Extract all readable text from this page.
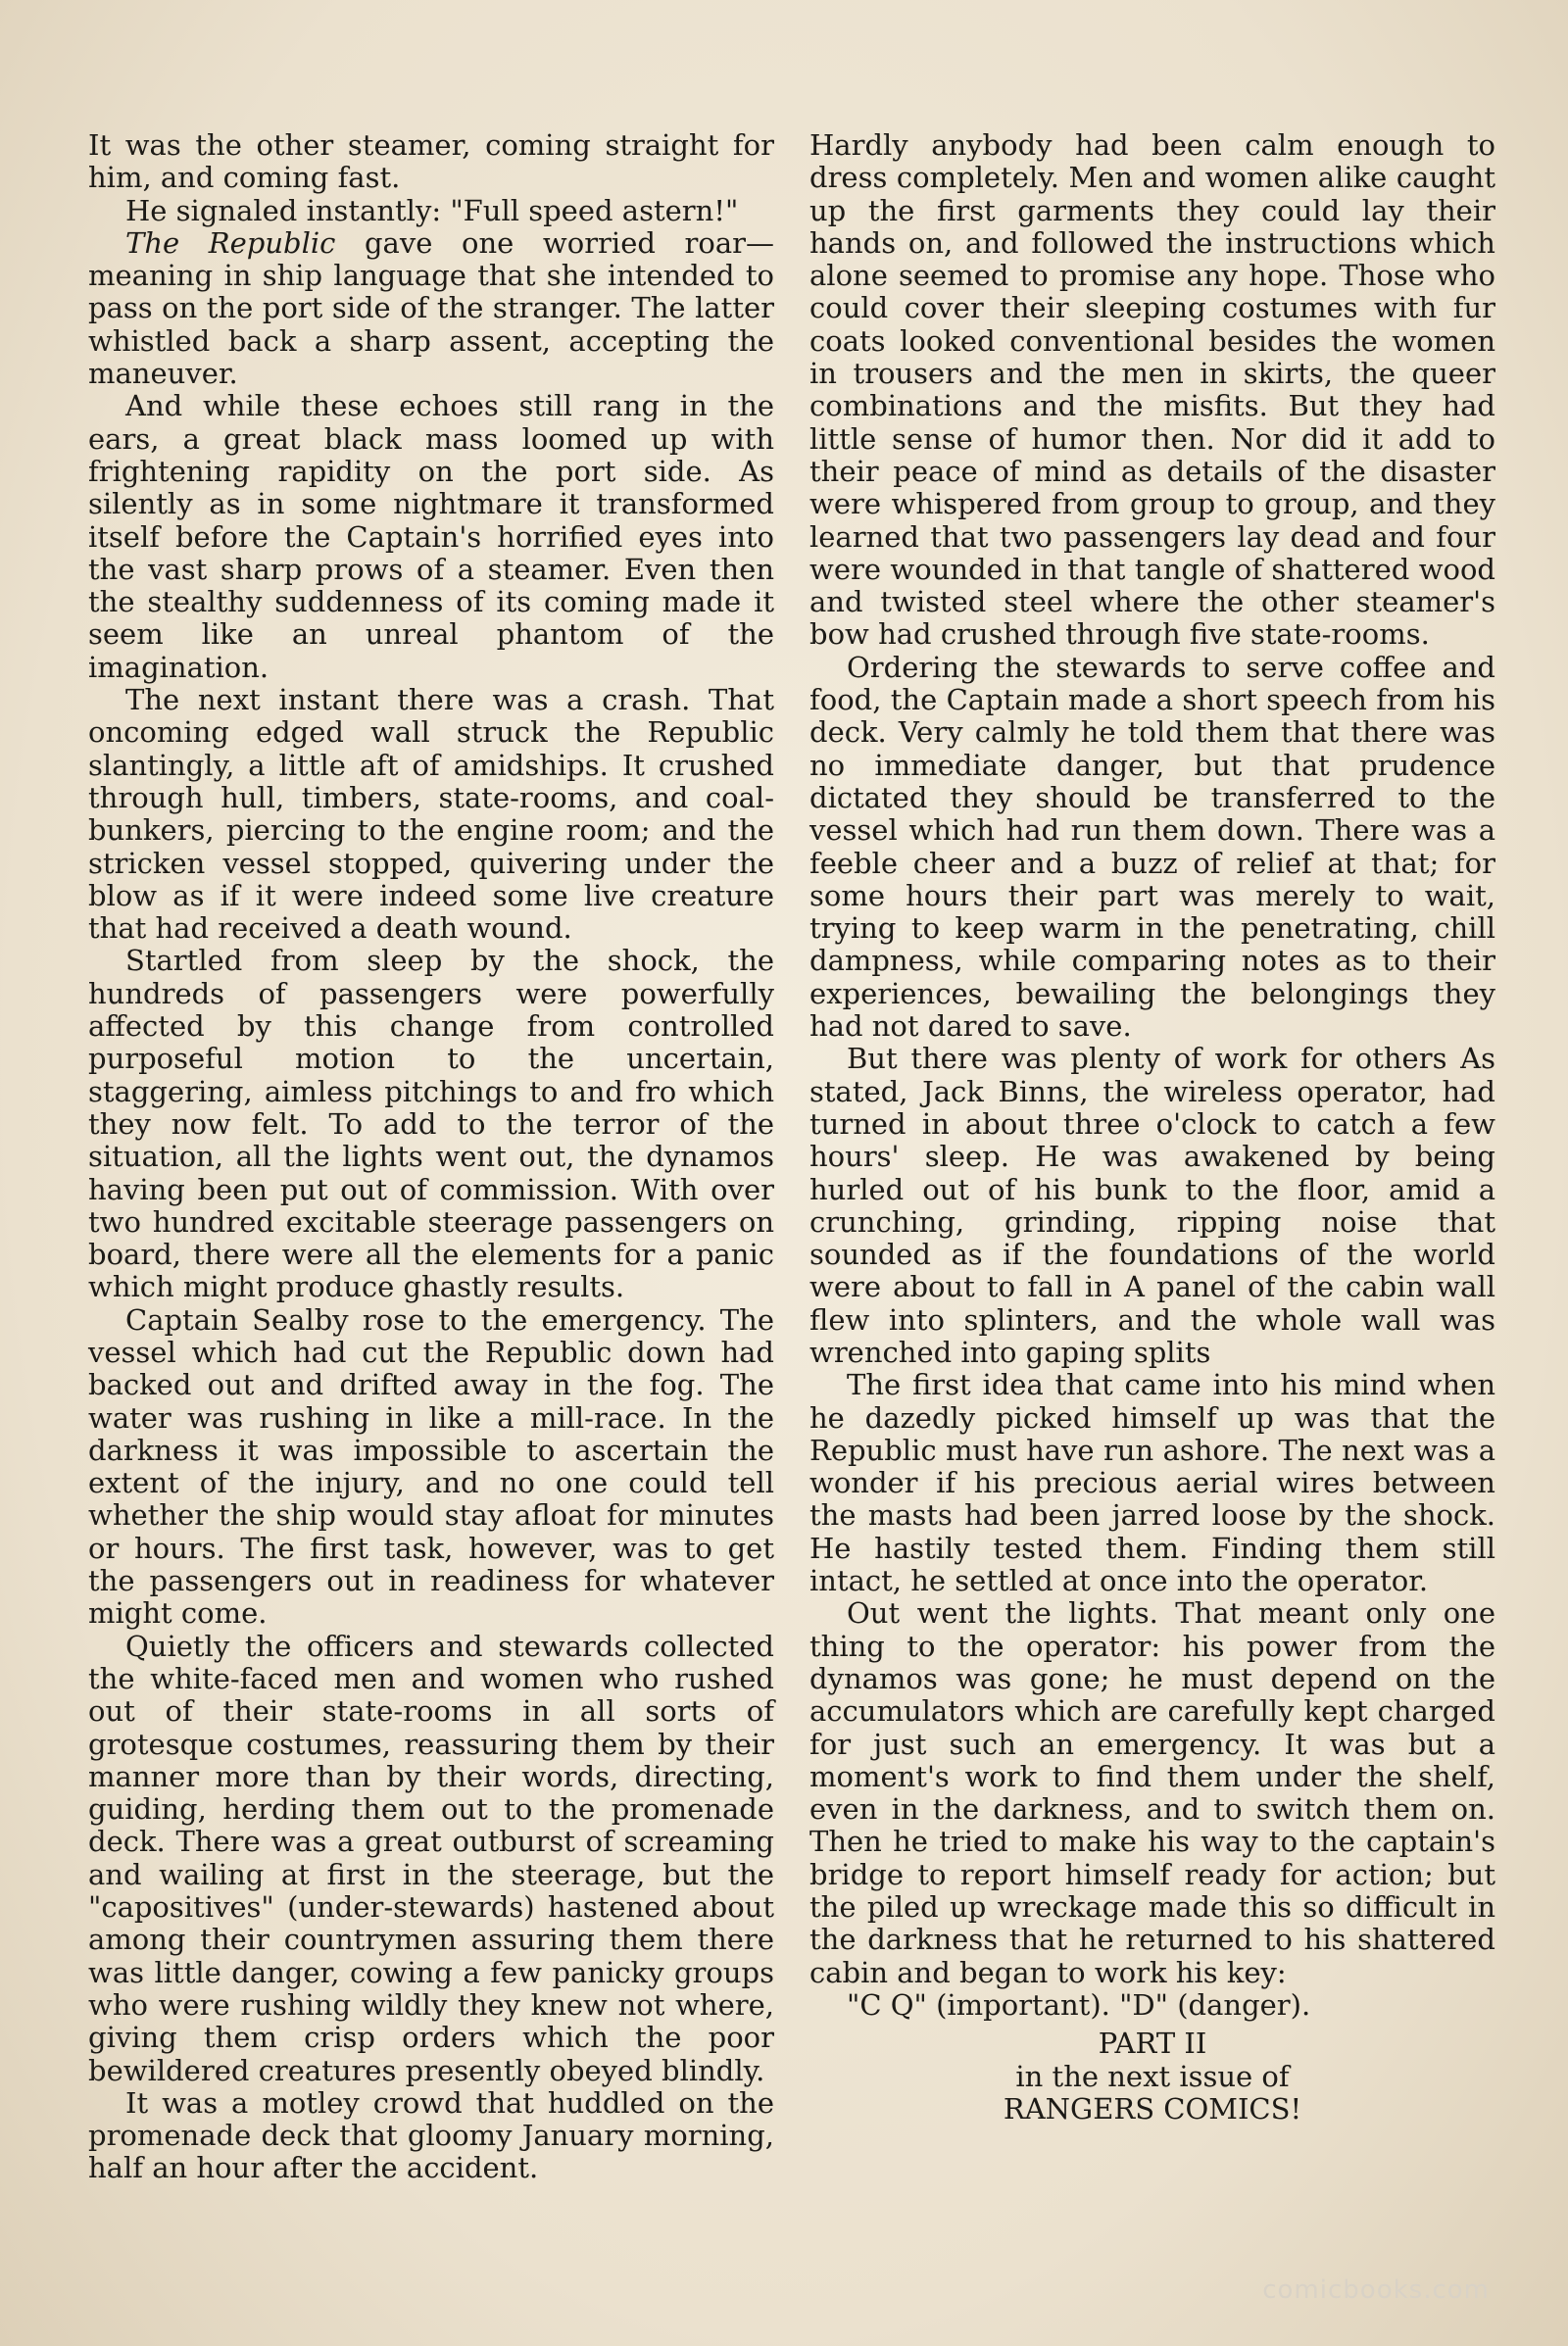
It was the other steamer, coming straight for him, and coming fast.

He signaled instantly: "Full speed astern!"

The Republic gave one worried roar—meaning in ship language that she intended to pass on the port side of the stranger. The latter whistled back a sharp assent, accepting the maneuver.

And while these echoes still rang in the ears, a great black mass loomed up with frightening rapidity on the port side. As silently as in some nightmare it transformed itself before the Captain's horrified eyes into the vast sharp prows of a steamer. Even then the stealthy suddenness of its coming made it seem like an unreal phantom of the imagination.

The next instant there was a crash. That oncoming edged wall struck the Republic slantingly, a little aft of amidships. It crushed through hull, timbers, state-rooms, and coal-bunkers, piercing to the engine room; and the stricken vessel stopped, quivering under the blow as if it were indeed some live creature that had received a death wound.

Startled from sleep by the shock, the hundreds of passengers were powerfully affected by this change from controlled purposeful motion to the uncertain, staggering, aimless pitchings to and fro which they now felt. To add to the terror of the situation, all the lights went out, the dynamos having been put out of commission. With over two hundred excitable steerage passengers on board, there were all the elements for a panic which might produce ghastly results.

Captain Sealby rose to the emergency. The vessel which had cut the Republic down had backed out and drifted away in the fog. The water was rushing in like a mill-race. In the darkness it was impossible to ascertain the extent of the injury, and no one could tell whether the ship would stay afloat for minutes or hours. The first task, however, was to get the passengers out in readiness for whatever might come.

Quietly the officers and stewards collected the white-faced men and women who rushed out of their state-rooms in all sorts of grotesque costumes, reassuring them by their manner more than by their words, directing, guiding, herding them out to the promenade deck. There was a great outburst of screaming and wailing at first in the steerage, but the "capositives" (under-stewards) hastened about among their countrymen assuring them there was little danger, cowing a few panicky groups who were rushing wildly they knew not where, giving them crisp orders which the poor bewildered creatures presently obeyed blindly.

It was a motley crowd that huddled on the promenade deck that gloomy January morning, half an hour after the accident.

Hardly anybody had been calm enough to dress completely. Men and women alike caught up the first garments they could lay their hands on, and followed the instructions which alone seemed to promise any hope. Those who could cover their sleeping costumes with fur coats looked conventional besides the women in trousers and the men in skirts, the queer combinations and the misfits. But they had little sense of humor then. Nor did it add to their peace of mind as details of the disaster were whispered from group to group, and they learned that two passengers lay dead and four were wounded in that tangle of shattered wood and twisted steel where the other steamer's bow had crushed through five state-rooms.

Ordering the stewards to serve coffee and food, the Captain made a short speech from his deck. Very calmly he told them that there was no immediate danger, but that prudence dictated they should be transferred to the vessel which had run them down. There was a feeble cheer and a buzz of relief at that; for some hours their part was merely to wait, trying to keep warm in the penetrating, chill dampness, while comparing notes as to their experiences, bewailing the belongings they had not dared to save.

But there was plenty of work for others As stated, Jack Binns, the wireless operator, had turned in about three o'clock to catch a few hours' sleep. He was awakened by being hurled out of his bunk to the floor, amid a crunching, grinding, ripping noise that sounded as if the foundations of the world were about to fall in A panel of the cabin wall flew into splinters, and the whole wall was wrenched into gaping splits

The first idea that came into his mind when he dazedly picked himself up was that the Republic must have run ashore. The next was a wonder if his precious aerial wires between the masts had been jarred loose by the shock. He hastily tested them. Finding them still intact, he settled at once into the operator.

Out went the lights. That meant only one thing to the operator: his power from the dynamos was gone; he must depend on the accumulators which are carefully kept charged for just such an emergency. It was but a moment's work to find them under the shelf, even in the darkness, and to switch them on. Then he tried to make his way to the captain's bridge to report himself ready for action; but the piled up wreckage made this so difficult in the darkness that he returned to his shattered cabin and began to work his key:

"C Q" (important). "D" (danger).

PART II
in the next issue of
RANGERS COMICS!
comicbooks.com
